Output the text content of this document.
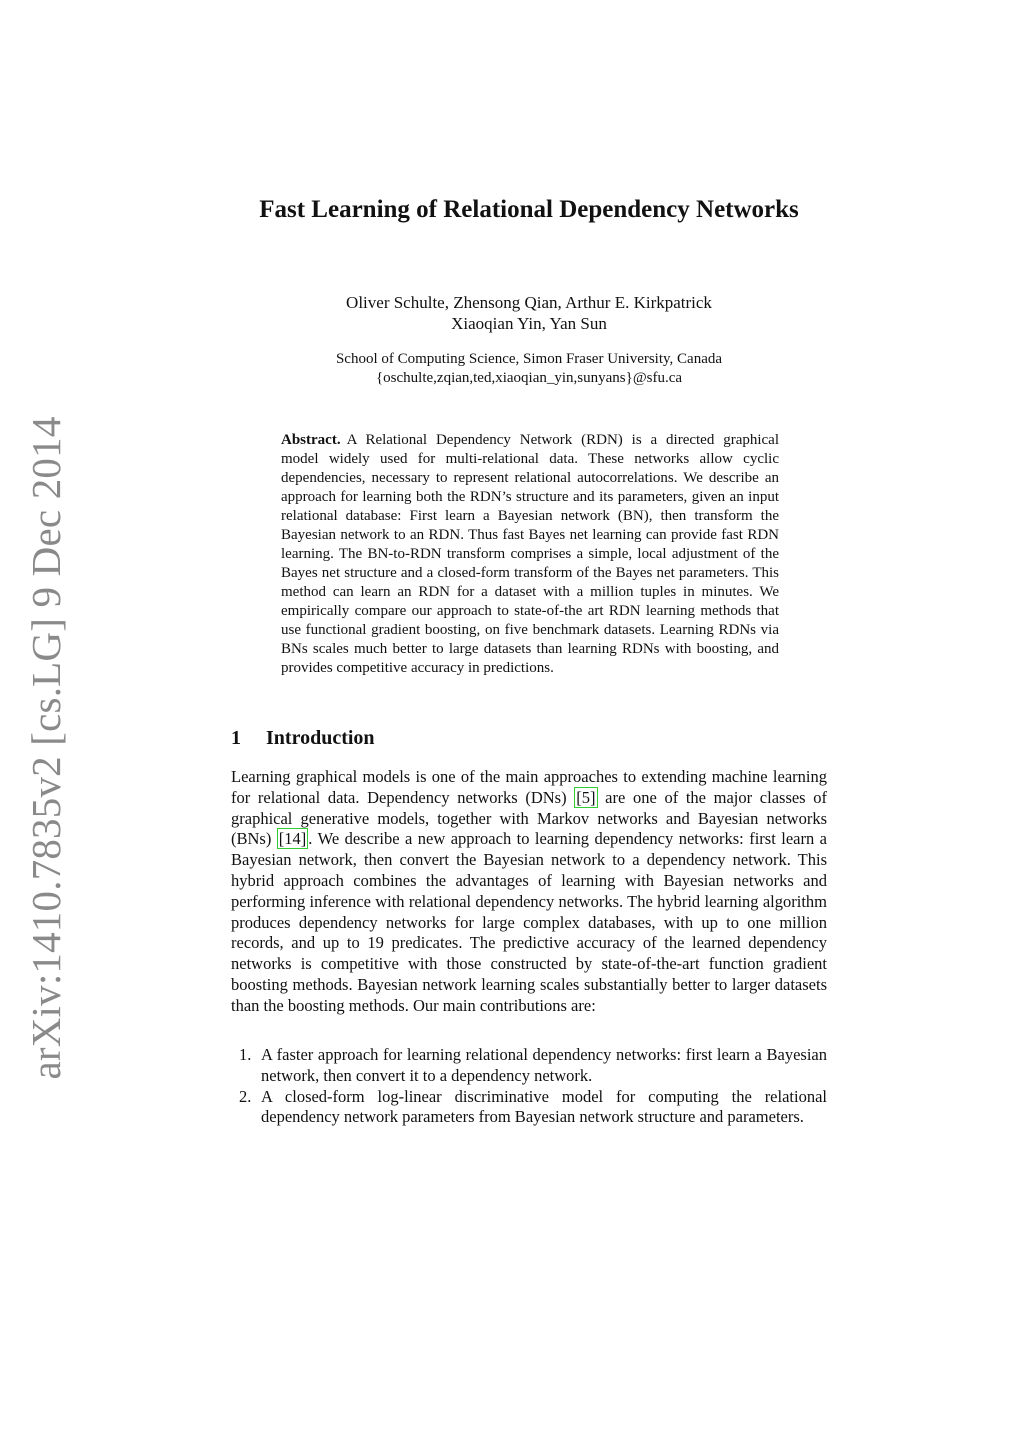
arXiv:1410.7835v2 [cs.LG] 9 Dec 2014
Fast Learning of Relational Dependency Networks
Oliver Schulte, Zhensong Qian, Arthur E. Kirkpatrick
Xiaoqian Yin, Yan Sun
School of Computing Science, Simon Fraser University, Canada
{oschulte,zqian,ted,xiaoqian_yin,sunyans}@sfu.ca
Abstract. A Relational Dependency Network (RDN) is a directed graphical model widely used for multi-relational data. These networks allow cyclic dependencies, necessary to represent relational autocorrelations. We describe an approach for learning both the RDN’s structure and its parameters, given an input relational database: First learn a Bayesian network (BN), then transform the Bayesian network to an RDN. Thus fast Bayes net learning can provide fast RDN learning. The BN-to-RDN transform comprises a simple, local adjustment of the Bayes net structure and a closed-form transform of the Bayes net parameters. This method can learn an RDN for a dataset with a million tuples in minutes. We empirically compare our approach to state-of-the art RDN learning methods that use functional gradient boosting, on five benchmark datasets. Learning RDNs via BNs scales much better to large datasets than learning RDNs with boosting, and provides competitive accuracy in predictions.
1 Introduction
Learning graphical models is one of the main approaches to extending machine learning for relational data. Dependency networks (DNs) [5] are one of the major classes of graphical generative models, together with Markov networks and Bayesian networks (BNs) [14] . We describe a new approach to learning dependency networks: first learn a Bayesian network, then convert the Bayesian network to a dependency network. This hybrid approach combines the advantages of learning with Bayesian networks and performing inference with relational dependency networks. The hybrid learning algorithm produces dependency networks for large complex databases, with up to one million records, and up to 19 predicates. The predictive accuracy of the learned dependency networks is competitive with those constructed by state-of-the-art function gradient boosting methods. Bayesian network learning scales substantially better to larger datasets than the boosting methods. Our main contributions are:
1. A faster approach for learning relational dependency networks: first learn a Bayesian network, then convert it to a dependency network.
2. A closed-form log-linear discriminative model for computing the relational dependency network parameters from Bayesian network structure and parameters.
